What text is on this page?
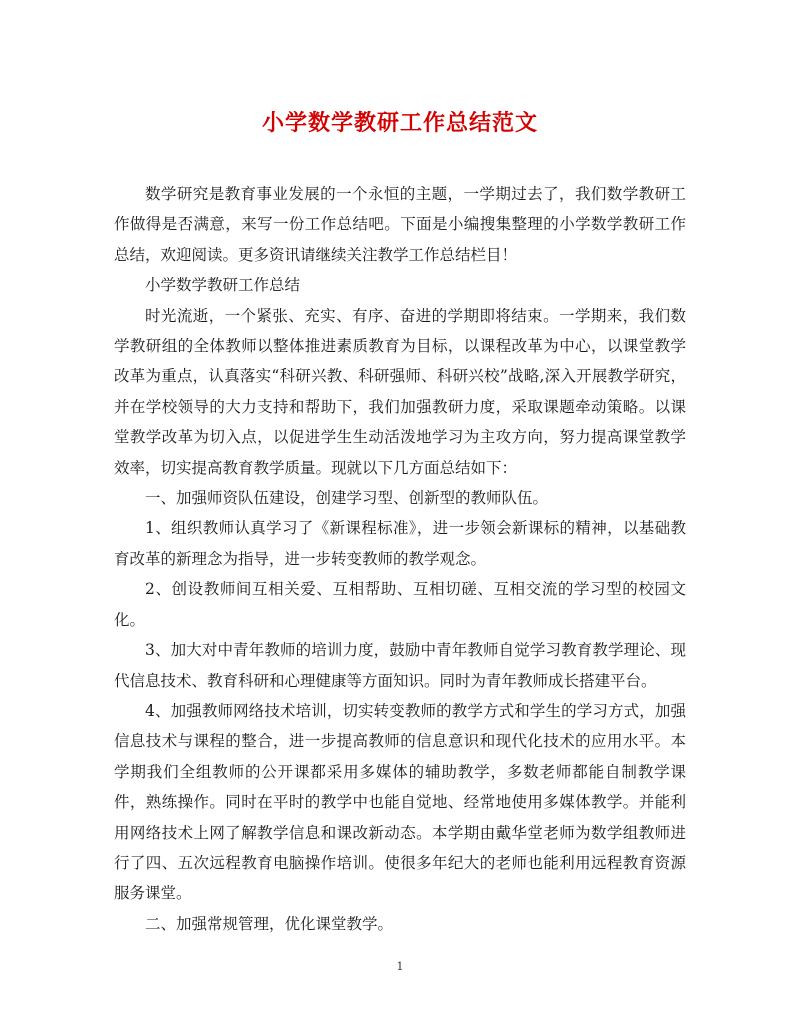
小学数学教研工作总结范文

数学研究是教育事业发展的一个永恒的主题，一学期过去了，我们数学教研工作做得是否满意，来写一份工作总结吧。下面是小编搜集整理的小学数学教研工作总结，欢迎阅读。更多资讯请继续关注教学工作总结栏目！

小学数学教研工作总结

时光流逝，一个紧张、充实、有序、奋进的学期即将结束。一学期来，我们数学教研组的全体教师以整体推进素质教育为目标，以课程改革为中心，以课堂教学改革为重点，认真落实“科研兴教、科研强师、科研兴校”战略,深入开展教学研究，并在学校领导的大力支持和帮助下，我们加强教研力度，采取课题牵动策略。以课堂教学改革为切入点，以促进学生生动活泼地学习为主攻方向，努力提高课堂教学效率，切实提高教育教学质量。现就以下几方面总结如下：

一、加强师资队伍建设，创建学习型、创新型的教师队伍。

1、组织教师认真学习了《新课程标准》，进一步领会新课标的精神，以基础教育改革的新理念为指导，进一步转变教师的教学观念。

2、创设教师间互相关爱、互相帮助、互相切磋、互相交流的学习型的校园文化。

3、加大对中青年教师的培训力度，鼓励中青年教师自觉学习教育教学理论、现代信息技术、教育科研和心理健康等方面知识。同时为青年教师成长搭建平台。

4、加强教师网络技术培训，切实转变教师的教学方式和学生的学习方式，加强信息技术与课程的整合，进一步提高教师的信息意识和现代化技术的应用水平。本学期我们全组教师的公开课都采用多媒体的辅助教学，多数老师都能自制教学课件，熟练操作。同时在平时的教学中也能自觉地、经常地使用多媒体教学。并能利用网络技术上网了解教学信息和课改新动态。本学期由戴华堂老师为数学组教师进行了四、五次远程教育电脑操作培训。使很多年纪大的老师也能利用远程教育资源服务课堂。

二、加强常规管理，优化课堂教学。

1
